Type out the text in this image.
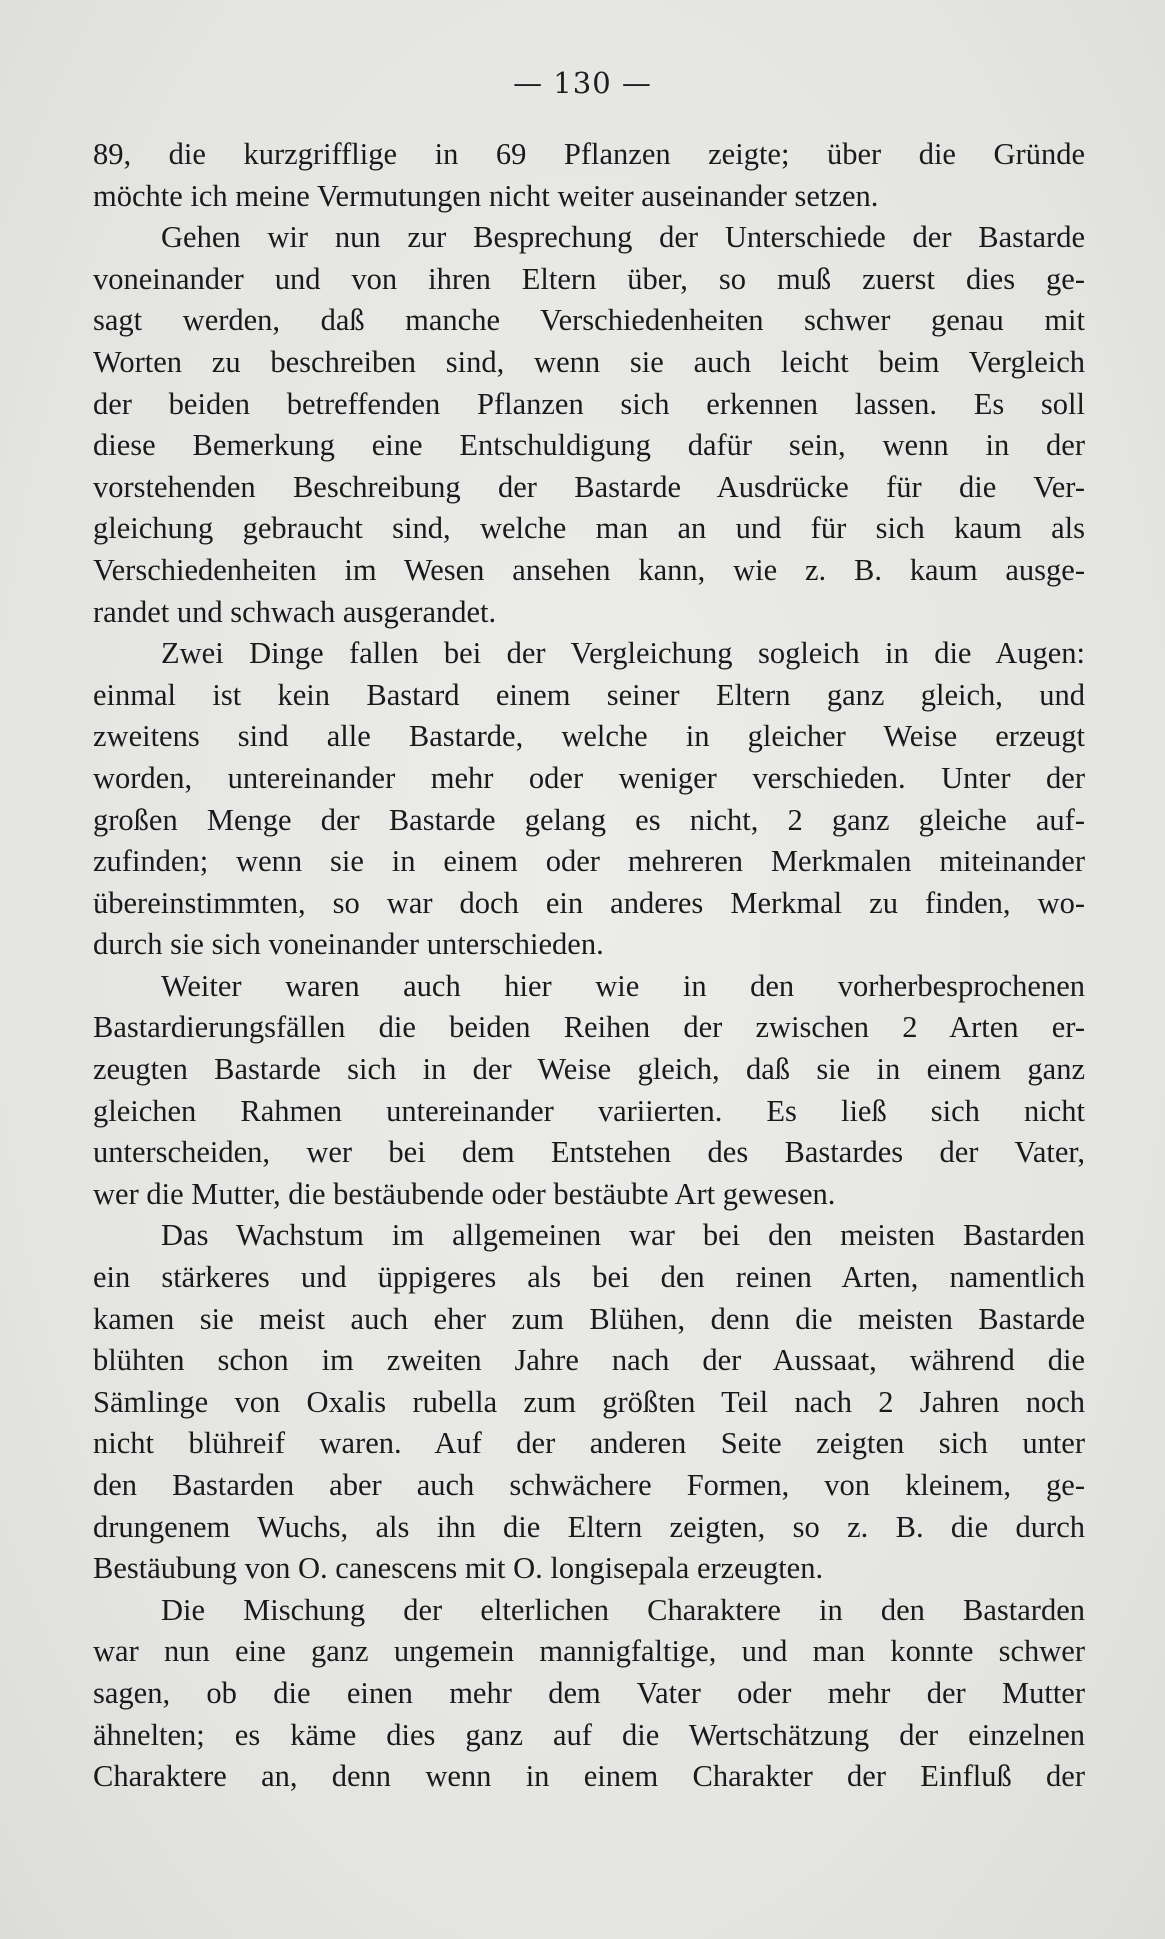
— 130 —
89, die kurzgrifflige in 69 Pflanzen zeigte; über die Gründe
möchte ich meine Vermutungen nicht weiter auseinander setzen.
Gehen wir nun zur Besprechung der Unterschiede der Bastarde
voneinander und von ihren Eltern über, so muß zuerst dies ge-
sagt werden, daß manche Verschiedenheiten schwer genau mit
Worten zu beschreiben sind, wenn sie auch leicht beim Vergleich
der beiden betreffenden Pflanzen sich erkennen lassen. Es soll
diese Bemerkung eine Entschuldigung dafür sein, wenn in der
vorstehenden Beschreibung der Bastarde Ausdrücke für die Ver-
gleichung gebraucht sind, welche man an und für sich kaum als
Verschiedenheiten im Wesen ansehen kann, wie z. B. kaum ausge-
randet und schwach ausgerandet.
Zwei Dinge fallen bei der Vergleichung sogleich in die Augen:
einmal ist kein Bastard einem seiner Eltern ganz gleich, und
zweitens sind alle Bastarde, welche in gleicher Weise erzeugt
worden, untereinander mehr oder weniger verschieden. Unter der
großen Menge der Bastarde gelang es nicht, 2 ganz gleiche auf-
zufinden; wenn sie in einem oder mehreren Merkmalen miteinander
übereinstimmten, so war doch ein anderes Merkmal zu finden, wo-
durch sie sich voneinander unterschieden.
Weiter waren auch hier wie in den vorherbesprochenen
Bastardierungsfällen die beiden Reihen der zwischen 2 Arten er-
zeugten Bastarde sich in der Weise gleich, daß sie in einem ganz
gleichen Rahmen untereinander variierten. Es ließ sich nicht
unterscheiden, wer bei dem Entstehen des Bastardes der Vater,
wer die Mutter, die bestäubende oder bestäubte Art gewesen.
Das Wachstum im allgemeinen war bei den meisten Bastarden
ein stärkeres und üppigeres als bei den reinen Arten, namentlich
kamen sie meist auch eher zum Blühen, denn die meisten Bastarde
blühten schon im zweiten Jahre nach der Aussaat, während die
Sämlinge von Oxalis rubella zum größten Teil nach 2 Jahren noch
nicht blühreif waren. Auf der anderen Seite zeigten sich unter
den Bastarden aber auch schwächere Formen, von kleinem, ge-
drungenem Wuchs, als ihn die Eltern zeigten, so z. B. die durch
Bestäubung von O. canescens mit O. longisepala erzeugten.
Die Mischung der elterlichen Charaktere in den Bastarden
war nun eine ganz ungemein mannigfaltige, und man konnte schwer
sagen, ob die einen mehr dem Vater oder mehr der Mutter
ähnelten; es käme dies ganz auf die Wertschätzung der einzelnen
Charaktere an, denn wenn in einem Charakter der Einfluß der
